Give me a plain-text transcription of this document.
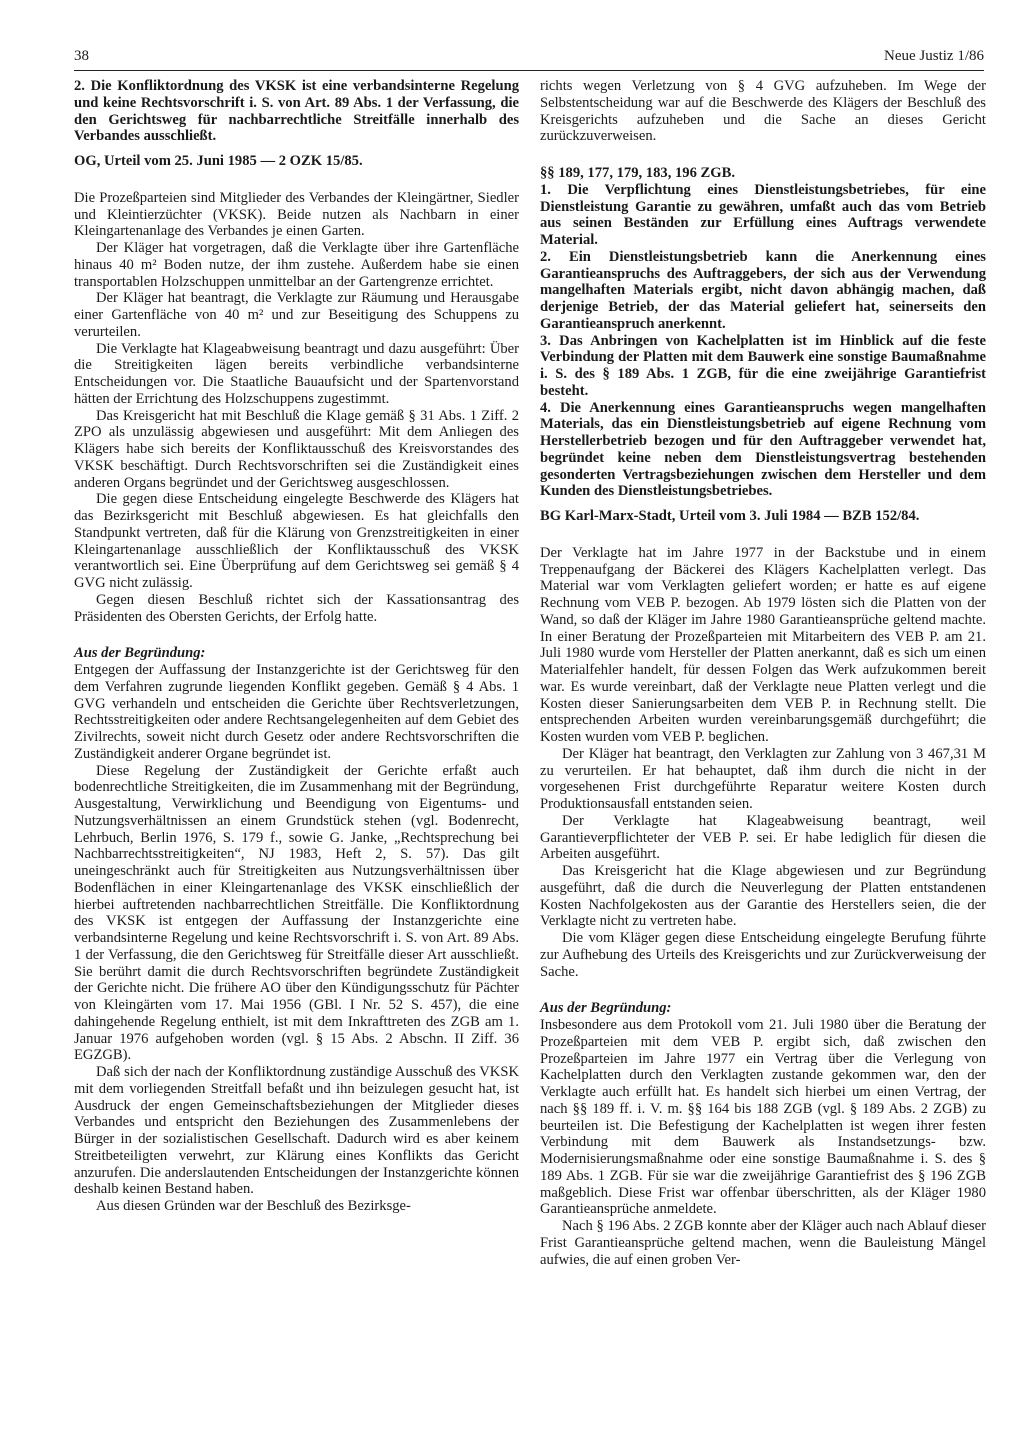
38	Neue Justiz 1/86

2. Die Konfliktordnung des VKSK ist eine verbandsinterne Regelung und keine Rechtsvorschrift i. S. von Art. 89 Abs. 1 der Verfassung, die den Gerichtsweg für nachbarrechtliche Streitfälle innerhalb des Verbandes ausschließt.

OG, Urteil vom 25. Juni 1985 — 2 OZK 15/85.

Die Prozeßparteien sind Mitglieder des Verbandes der Kleingärtner, Siedler und Kleintierzüchter (VKSK). Beide nutzen als Nachbarn in einer Kleingartenanlage des Verbandes je einen Garten.

Der Kläger hat vorgetragen, daß die Verklagte über ihre Gartenfläche hinaus 40 m² Boden nutze, der ihm zustehe. Außerdem habe sie einen transportablen Holzschuppen unmittelbar an der Gartengrenze errichtet.

Der Kläger hat beantragt, die Verklagte zur Räumung und Herausgabe einer Gartenfläche von 40 m² und zur Beseitigung des Schuppens zu verurteilen.

Die Verklagte hat Klageabweisung beantragt und dazu ausgeführt: Über die Streitigkeiten lägen bereits verbindliche verbandsinterne Entscheidungen vor. Die Staatliche Bauaufsicht und der Spartenvorstand hätten der Errichtung des Holzschuppens zugestimmt.

Das Kreisgericht hat mit Beschluß die Klage gemäß § 31 Abs. 1 Ziff. 2 ZPO als unzulässig abgewiesen und ausgeführt: Mit dem Anliegen des Klägers habe sich bereits der Konfliktausschuß des Kreisvorstandes des VKSK beschäftigt. Durch Rechtsvorschriften sei die Zuständigkeit eines anderen Organs begründet und der Gerichtsweg ausgeschlossen.

Die gegen diese Entscheidung eingelegte Beschwerde des Klägers hat das Bezirksgericht mit Beschluß abgewiesen. Es hat gleichfalls den Standpunkt vertreten, daß für die Klärung von Grenzstreitigkeiten in einer Kleingartenanlage ausschließlich der Konfliktausschuß des VKSK verantwortlich sei. Eine Überprüfung auf dem Gerichtsweg sei gemäß § 4 GVG nicht zulässig.

Gegen diesen Beschluß richtet sich der Kassationsantrag des Präsidenten des Obersten Gerichts, der Erfolg hatte.

Aus der Begründung:

Entgegen der Auffassung der Instanzgerichte ist der Gerichtsweg für den dem Verfahren zugrunde liegenden Konflikt gegeben. Gemäß § 4 Abs. 1 GVG verhandeln und entscheiden die Gerichte über Rechtsverletzungen, Rechtsstreitigkeiten oder andere Rechtsangelegenheiten auf dem Gebiet des Zivilrechts, soweit nicht durch Gesetz oder andere Rechtsvorschriften die Zuständigkeit anderer Organe begründet ist.

Diese Regelung der Zuständigkeit der Gerichte erfaßt auch bodenrechtliche Streitigkeiten, die im Zusammenhang mit der Begründung, Ausgestaltung, Verwirklichung und Beendigung von Eigentums- und Nutzungsverhältnissen an einem Grundstück stehen (vgl. Bodenrecht, Lehrbuch, Berlin 1976, S. 179 f., sowie G. Janke, „Rechtsprechung bei Nachbarrechtsstreitigkeiten“, NJ 1983, Heft 2, S. 57). Das gilt uneingeschränkt auch für Streitigkeiten aus Nutzungsverhältnissen über Bodenflächen in einer Kleingartenanlage des VKSK einschließlich der hierbei auftretenden nachbarrechtlichen Streitfälle. Die Konfliktordnung des VKSK ist entgegen der Auffassung der Instanzgerichte eine verbandsinterne Regelung und keine Rechtsvorschrift i. S. von Art. 89 Abs. 1 der Verfassung, die den Gerichtsweg für Streitfälle dieser Art ausschließt. Sie berührt damit die durch Rechtsvorschriften begründete Zuständigkeit der Gerichte nicht. Die frühere AO über den Kündigungsschutz für Pächter von Kleingärten vom 17. Mai 1956 (GBl. I Nr. 52 S. 457), die eine dahingehende Regelung enthielt, ist mit dem Inkrafttreten des ZGB am 1. Januar 1976 aufgehoben worden (vgl. § 15 Abs. 2 Abschn. II Ziff. 36 EGZGB).

Daß sich der nach der Konfliktordnung zuständige Ausschuß des VKSK mit dem vorliegenden Streitfall befaßt und ihn beizulegen gesucht hat, ist Ausdruck der engen Gemeinschaftsbeziehungen der Mitglieder dieses Verbandes und entspricht den Beziehungen des Zusammenlebens der Bürger in der sozialistischen Gesellschaft. Dadurch wird es aber keinem Streitbeteiligten verwehrt, zur Klärung eines Konflikts das Gericht anzurufen. Die anderslautenden Entscheidungen der Instanzgerichte können deshalb keinen Bestand haben.

Aus diesen Gründen war der Beschluß des Bezirksge-

richts wegen Verletzung von § 4 GVG aufzuheben. Im Wege der Selbstentscheidung war auf die Beschwerde des Klägers der Beschluß des Kreisgerichts aufzuheben und die Sache an dieses Gericht zurückzuverweisen.

§§ 189, 177, 179, 183, 196 ZGB.

1. Die Verpflichtung eines Dienstleistungsbetriebes, für eine Dienstleistung Garantie zu gewähren, umfaßt auch das vom Betrieb aus seinen Beständen zur Erfüllung eines Auftrags verwendete Material.

2. Ein Dienstleistungsbetrieb kann die Anerkennung eines Garantieanspruchs des Auftraggebers, der sich aus der Verwendung mangelhaften Materials ergibt, nicht davon abhängig machen, daß derjenige Betrieb, der das Material geliefert hat, seinerseits den Garantieanspruch anerkennt.

3. Das Anbringen von Kachelplatten ist im Hinblick auf die feste Verbindung der Platten mit dem Bauwerk eine sonstige Baumaßnahme i. S. des § 189 Abs. 1 ZGB, für die eine zweijährige Garantiefrist besteht.

4. Die Anerkennung eines Garantieanspruchs wegen mangelhaften Materials, das ein Dienstleistungsbetrieb auf eigene Rechnung vom Herstellerbetrieb bezogen und für den Auftraggeber verwendet hat, begründet keine neben dem Dienstleistungsvertrag bestehenden gesonderten Vertragsbeziehungen zwischen dem Hersteller und dem Kunden des Dienstleistungsbetriebes.

BG Karl-Marx-Stadt, Urteil vom 3. Juli 1984 — BZB 152/84.

Der Verklagte hat im Jahre 1977 in der Backstube und in einem Treppenaufgang der Bäckerei des Klägers Kachelplatten verlegt. Das Material war vom Verklagten geliefert worden; er hatte es auf eigene Rechnung vom VEB P. bezogen. Ab 1979 lösten sich die Platten von der Wand, so daß der Kläger im Jahre 1980 Garantieansprüche geltend machte. In einer Beratung der Prozeßparteien mit Mitarbeitern des VEB P. am 21. Juli 1980 wurde vom Hersteller der Platten anerkannt, daß es sich um einen Materialfehler handelt, für dessen Folgen das Werk aufzukommen bereit war. Es wurde vereinbart, daß der Verklagte neue Platten verlegt und die Kosten dieser Sanierungsarbeiten dem VEB P. in Rechnung stellt. Die entsprechenden Arbeiten wurden vereinbarungsgemäß durchgeführt; die Kosten wurden vom VEB P. beglichen.

Der Kläger hat beantragt, den Verklagten zur Zahlung von 3 467,31 M zu verurteilen. Er hat behauptet, daß ihm durch die nicht in der vorgesehenen Frist durchgeführte Reparatur weitere Kosten durch Produktionsausfall entstanden seien.

Der Verklagte hat Klageabweisung beantragt, weil Garantieverpflichteter der VEB P. sei. Er habe lediglich für diesen die Arbeiten ausgeführt.

Das Kreisgericht hat die Klage abgewiesen und zur Begründung ausgeführt, daß die durch die Neuverlegung der Platten entstandenen Kosten Nachfolgekosten aus der Garantie des Herstellers seien, die der Verklagte nicht zu vertreten habe.

Die vom Kläger gegen diese Entscheidung eingelegte Berufung führte zur Aufhebung des Urteils des Kreisgerichts und zur Zurückverweisung der Sache.

Aus der Begründung:

Insbesondere aus dem Protokoll vom 21. Juli 1980 über die Beratung der Prozeßparteien mit dem VEB P. ergibt sich, daß zwischen den Prozeßparteien im Jahre 1977 ein Vertrag über die Verlegung von Kachelplatten durch den Verklagten zustande gekommen war, den der Verklagte auch erfüllt hat. Es handelt sich hierbei um einen Vertrag, der nach §§ 189 ff. i. V. m. §§ 164 bis 188 ZGB (vgl. § 189 Abs. 2 ZGB) zu beurteilen ist. Die Befestigung der Kachelplatten ist wegen ihrer festen Verbindung mit dem Bauwerk als Instandsetzungs- bzw. Modernisierungsmaßnahme oder eine sonstige Baumaßnahme i. S. des § 189 Abs. 1 ZGB. Für sie war die zweijährige Garantiefrist des § 196 ZGB maßgeblich. Diese Frist war offenbar überschritten, als der Kläger 1980 Garantieansprüche anmeldete.

Nach § 196 Abs. 2 ZGB konnte aber der Kläger auch nach Ablauf dieser Frist Garantieansprüche geltend machen, wenn die Bauleistung Mängel aufwies, die auf einen groben Ver-
